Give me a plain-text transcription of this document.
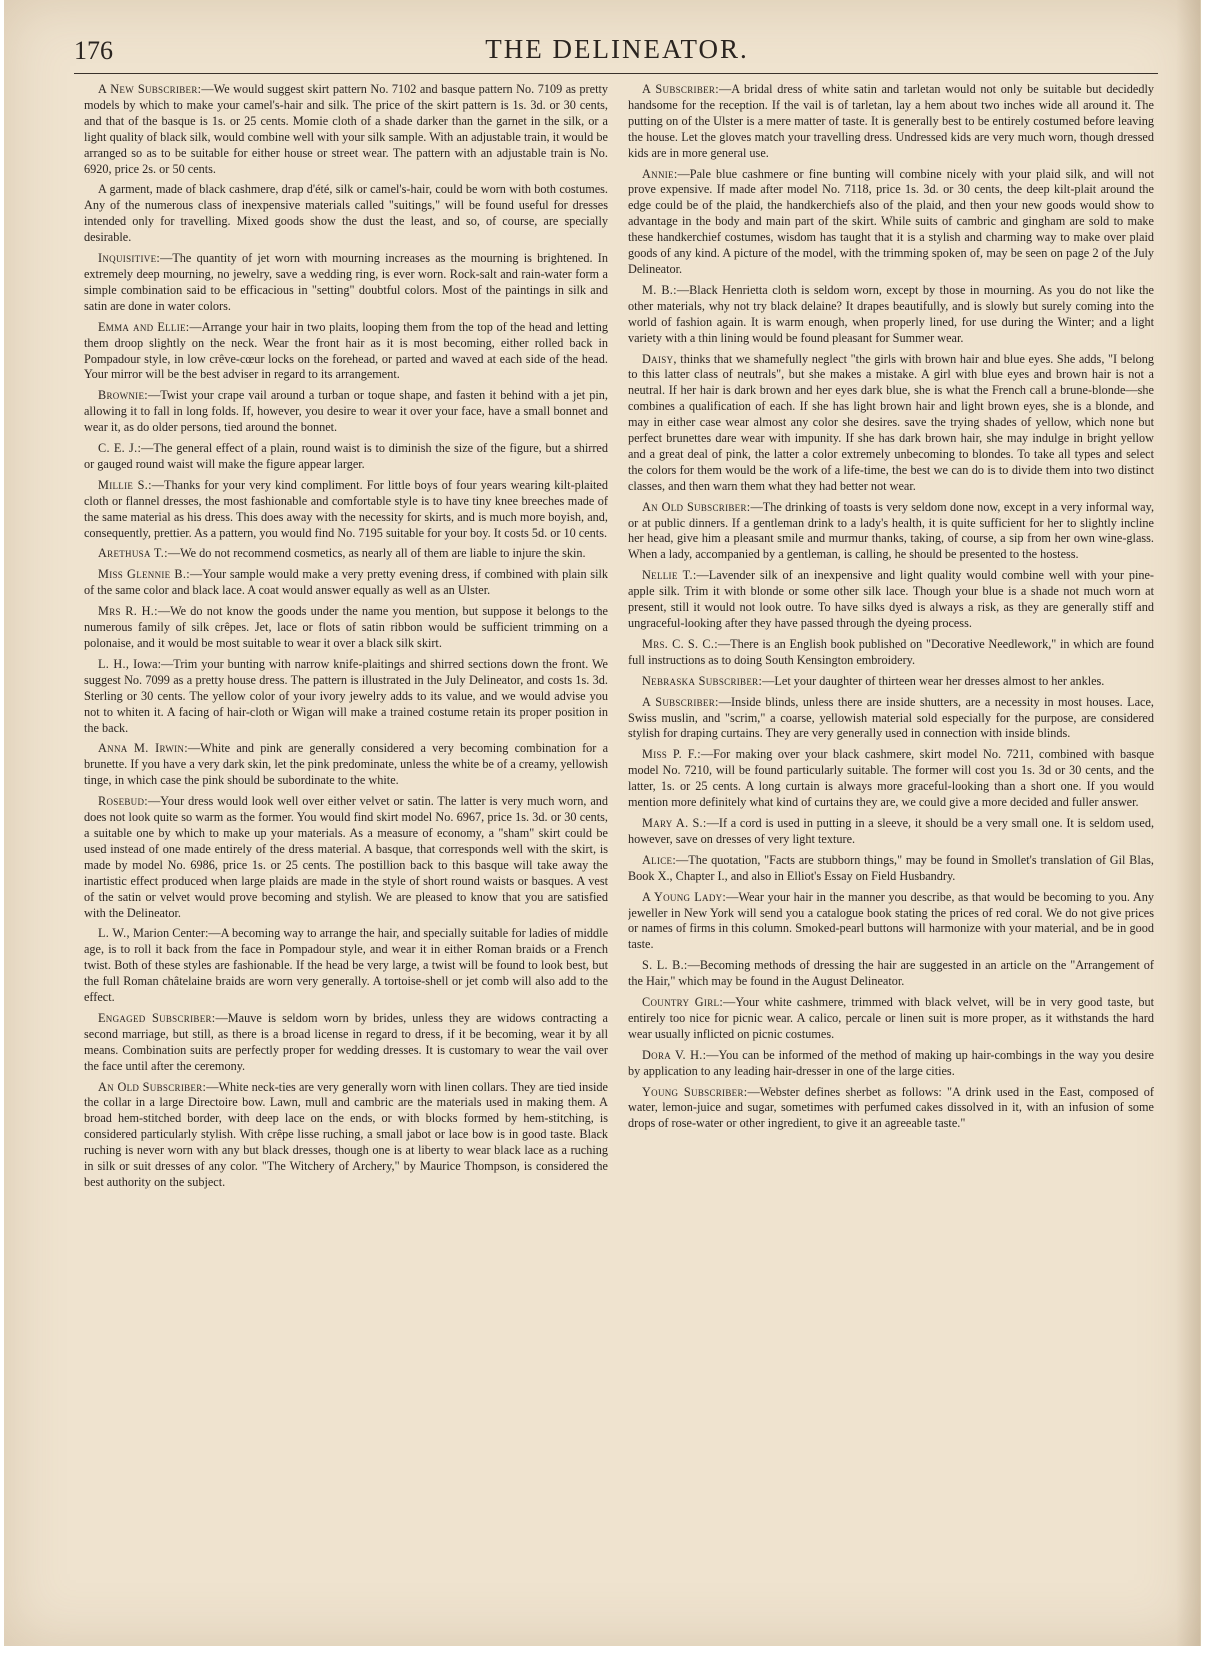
176	THE DELINEATOR.

A New Subscriber:—We would suggest skirt pattern No. 7102 and basque pattern No. 7109 as pretty models by which to make your camel's-hair and silk. The price of the skirt pattern is 1s. 3d. or 30 cents, and that of the basque is 1s. or 25 cents. Momie cloth of a shade darker than the garnet in the silk, or a light quality of black silk, would combine well with your silk sample. With an adjustable train, it would be arranged so as to be suitable for either house or street wear. The pattern with an adjustable train is No. 6920, price 2s. or 50 cents.

A garment, made of black cashmere, drap d'été, silk or camel's-hair, could be worn with both costumes. Any of the numerous class of inexpensive materials called "suitings," will be found useful for dresses intended only for travelling. Mixed goods show the dust the least, and so, of course, are specially desirable.

Inquisitive:—The quantity of jet worn with mourning increases as the mourning is brightened. In extremely deep mourning, no jewelry, save a wedding ring, is ever worn. Rock-salt and rain-water form a simple combination said to be efficacious in "setting" doubtful colors. Most of the paintings in silk and satin are done in water colors.

Emma and Ellie:—Arrange your hair in two plaits, looping them from the top of the head and letting them droop slightly on the neck. Wear the front hair as it is most becoming, either rolled back in Pompadour style, in low crêve-cœur locks on the forehead, or parted and waved at each side of the head. Your mirror will be the best adviser in regard to its arrangement.

Brownie:—Twist your crape vail around a turban or toque shape, and fasten it behind with a jet pin, allowing it to fall in long folds. If, however, you desire to wear it over your face, have a small bonnet and wear it, as do older persons, tied around the bonnet.

C. E. J.:—The general effect of a plain, round waist is to diminish the size of the figure, but a shirred or gauged round waist will make the figure appear larger.

Millie S.:—Thanks for your very kind compliment. For little boys of four years wearing kilt-plaited cloth or flannel dresses, the most fashionable and comfortable style is to have tiny knee breeches made of the same material as his dress. This does away with the necessity for skirts, and is much more boyish, and, consequently, prettier. As a pattern, you would find No. 7195 suitable for your boy. It costs 5d. or 10 cents.

Arethusa T.:—We do not recommend cosmetics, as nearly all of them are liable to injure the skin.

Miss Glennie B.:—Your sample would make a very pretty evening dress, if combined with plain silk of the same color and black lace. A coat would answer equally as well as an Ulster.

Mrs R. H.:—We do not know the goods under the name you mention, but suppose it belongs to the numerous family of silk crêpes. Jet, lace or flots of satin ribbon would be sufficient trimming on a polonaise, and it would be most suitable to wear it over a black silk skirt.

L. H., Iowa:—Trim your bunting with narrow knife-plaitings and shirred sections down the front. We suggest No. 7099 as a pretty house dress. The pattern is illustrated in the July Delineator, and costs 1s. 3d. Sterling or 30 cents. The yellow color of your ivory jewelry adds to its value, and we would advise you not to whiten it. A facing of hair-cloth or Wigan will make a trained costume retain its proper position in the back.

Anna M. Irwin:—White and pink are generally considered a very becoming combination for a brunette. If you have a very dark skin, let the pink predominate, unless the white be of a creamy, yellowish tinge, in which case the pink should be subordinate to the white.

Rosebud:—Your dress would look well over either velvet or satin. The latter is very much worn, and does not look quite so warm as the former. You would find skirt model No. 6967, price 1s. 3d. or 30 cents, a suitable one by which to make up your materials. As a measure of economy, a "sham" skirt could be used instead of one made entirely of the dress material. A basque, that corresponds well with the skirt, is made by model No. 6986, price 1s. or 25 cents. The postillion back to this basque will take away the inartistic effect produced when large plaids are made in the style of short round waists or basques. A vest of the satin or velvet would prove becoming and stylish. We are pleased to know that you are satisfied with the Delineator.

L. W., Marion Center:—A becoming way to arrange the hair, and specially suitable for ladies of middle age, is to roll it back from the face in Pompadour style, and wear it in either Roman braids or a French twist. Both of these styles are fashionable. If the head be very large, a twist will be found to look best, but the full Roman châtelaine braids are worn very generally. A tortoise-shell or jet comb will also add to the effect.

Engaged Subscriber:—Mauve is seldom worn by brides, unless they are widows contracting a second marriage, but still, as there is a broad license in regard to dress, if it be becoming, wear it by all means. Combination suits are perfectly proper for wedding dresses. It is customary to wear the vail over the face until after the ceremony.

An Old Subscriber:—White neck-ties are very generally worn with linen collars. They are tied inside the collar in a large Directoire bow. Lawn, mull and cambric are the materials used in making them. A broad hem-stitched border, with deep lace on the ends, or with blocks formed by hem-stitching, is considered particularly stylish. With crêpe lisse ruching, a small jabot or lace bow is in good taste. Black ruching is never worn with any but black dresses, though one is at liberty to wear black lace as a ruching in silk or suit dresses of any color. "The Witchery of Archery," by Maurice Thompson, is considered the best authority on the subject.

A Subscriber:—A bridal dress of white satin and tarletan would not only be suitable but decidedly handsome for the reception. If the vail is of tarletan, lay a hem about two inches wide all around it. The putting on of the Ulster is a mere matter of taste. It is generally best to be entirely costumed before leaving the house. Let the gloves match your travelling dress. Undressed kids are very much worn, though dressed kids are in more general use.

Annie:—Pale blue cashmere or fine bunting will combine nicely with your plaid silk, and will not prove expensive. If made after model No. 7118, price 1s. 3d. or 30 cents, the deep kilt-plait around the edge could be of the plaid, the handkerchiefs also of the plaid, and then your new goods would show to advantage in the body and main part of the skirt. While suits of cambric and gingham are sold to make these handkerchief costumes, wisdom has taught that it is a stylish and charming way to make over plaid goods of any kind. A picture of the model, with the trimming spoken of, may be seen on page 2 of the July Delineator.

M. B.:—Black Henrietta cloth is seldom worn, except by those in mourning. As you do not like the other materials, why not try black delaine? It drapes beautifully, and is slowly but surely coming into the world of fashion again. It is warm enough, when properly lined, for use during the Winter; and a light variety with a thin lining would be found pleasant for Summer wear.

Daisy, thinks that we shamefully neglect "the girls with brown hair and blue eyes. She adds, "I belong to this latter class of neutrals", but she makes a mistake. A girl with blue eyes and brown hair is not a neutral. If her hair is dark brown and her eyes dark blue, she is what the French call a brune-blonde—she combines a qualification of each. If she has light brown hair and light brown eyes, she is a blonde, and may in either case wear almost any color she desires. save the trying shades of yellow, which none but perfect brunettes dare wear with impunity. If she has dark brown hair, she may indulge in bright yellow and a great deal of pink, the latter a color extremely unbecoming to blondes. To take all types and select the colors for them would be the work of a life-time, the best we can do is to divide them into two distinct classes, and then warn them what they had better not wear.

An Old Subscriber:—The drinking of toasts is very seldom done now, except in a very informal way, or at public dinners. If a gentleman drink to a lady's health, it is quite sufficient for her to slightly incline her head, give him a pleasant smile and murmur thanks, taking, of course, a sip from her own wine-glass. When a lady, accompanied by a gentleman, is calling, he should be presented to the hostess.

Nellie T.:—Lavender silk of an inexpensive and light quality would combine well with your pine-apple silk. Trim it with blonde or some other silk lace. Though your blue is a shade not much worn at present, still it would not look outre. To have silks dyed is always a risk, as they are generally stiff and ungraceful-looking after they have passed through the dyeing process.

Mrs. C. S. C.:—There is an English book published on "Decorative Needlework," in which are found full instructions as to doing South Kensington embroidery.

Nebraska Subscriber:—Let your daughter of thirteen wear her dresses almost to her ankles.

A Subscriber:—Inside blinds, unless there are inside shutters, are a necessity in most houses. Lace, Swiss muslin, and "scrim," a coarse, yellowish material sold especially for the purpose, are considered stylish for draping curtains. They are very generally used in connection with inside blinds.

Miss P. F.:—For making over your black cashmere, skirt model No. 7211, combined with basque model No. 7210, will be found particularly suitable. The former will cost you 1s. 3d or 30 cents, and the latter, 1s. or 25 cents. A long curtain is always more graceful-looking than a short one. If you would mention more definitely what kind of curtains they are, we could give a more decided and fuller answer.

Mary A. S.:—If a cord is used in putting in a sleeve, it should be a very small one. It is seldom used, however, save on dresses of very light texture.

Alice:—The quotation, "Facts are stubborn things," may be found in Smollet's translation of Gil Blas, Book X., Chapter I., and also in Elliot's Essay on Field Husbandry.

A Young Lady:—Wear your hair in the manner you describe, as that would be becoming to you. Any jeweller in New York will send you a catalogue book stating the prices of red coral. We do not give prices or names of firms in this column. Smoked-pearl buttons will harmonize with your material, and be in good taste.

S. L. B.:—Becoming methods of dressing the hair are suggested in an article on the "Arrangement of the Hair," which may be found in the August Delineator.

Country Girl:—Your white cashmere, trimmed with black velvet, will be in very good taste, but entirely too nice for picnic wear. A calico, percale or linen suit is more proper, as it withstands the hard wear usually inflicted on picnic costumes.

Dora V. H.:—You can be informed of the method of making up hair-combings in the way you desire by application to any leading hair-dresser in one of the large cities.

Young Subscriber:—Webster defines sherbet as follows: "A drink used in the East, composed of water, lemon-juice and sugar, sometimes with perfumed cakes dissolved in it, with an infusion of some drops of rose-water or other ingredient, to give it an agreeable taste."
